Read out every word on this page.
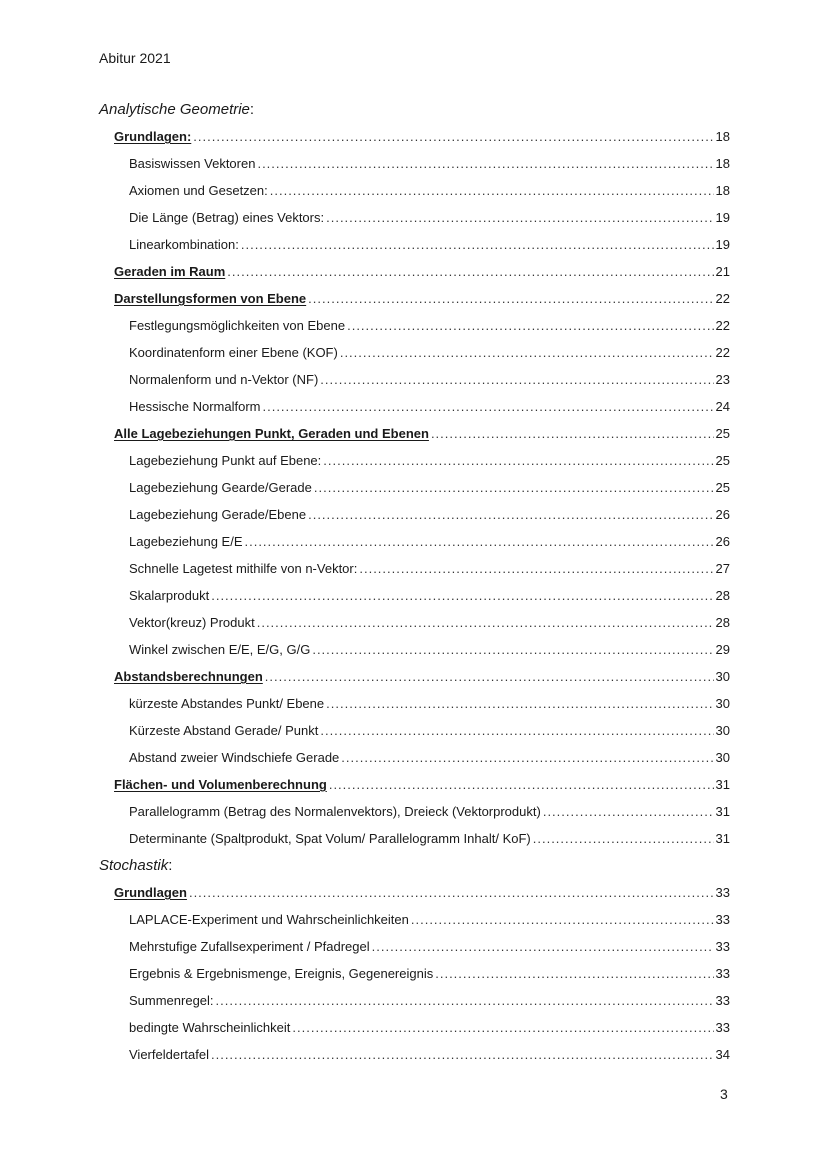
Abitur 2021
Analytische Geometrie:
Grundlagen: .....	18
Basiswissen Vektoren .....	18
Axiomen und Gesetzen: .....	18
Die Länge (Betrag) eines Vektors: .....	19
Linearkombination: .....	19
Geraden im Raum .....	21
Darstellungsformen von Ebene .....	22
Festlegungsmöglichkeiten von Ebene .....	22
Koordinatenform einer Ebene (KOF) .....	22
Normalenform und n-Vektor (NF) .....	23
Hessische Normalform .....	24
Alle Lagebeziehungen Punkt, Geraden und Ebenen .....	25
Lagebeziehung Punkt auf Ebene: .....	25
Lagebeziehung Gearde/Gerade .....	25
Lagebeziehung Gerade/Ebene .....	26
Lagebeziehung E/E .....	26
Schnelle Lagetest mithilfe von n-Vektor: .....	27
Skalarprodukt .....	28
Vektor(kreuz) Produkt .....	28
Winkel zwischen E/E, E/G, G/G .....	29
Abstandsberechnungen .....	30
kürzeste Abstandes Punkt/ Ebene .....	30
Kürzeste Abstand Gerade/ Punkt .....	30
Abstand zweier Windschiefe Gerade .....	30
Flächen- und Volumenberechnung .....	31
Parallelogramm (Betrag des Normalenvektors), Dreieck (Vektorprodukt) .....	31
Determinante (Spaltprodukt, Spat Volum/ Parallelogramm Inhalt/ KoF) .....	31
Stochastik:
Grundlagen .....	33
LAPLACE-Experiment und Wahrscheinlichkeiten .....	33
Mehrstufige Zufallsexperiment / Pfadregel .....	33
Ergebnis & Ergebnismenge, Ereignis, Gegenereignis .....	33
Summenregel: .....	33
bedingte Wahrscheinlichkeit .....	33
Vierfeldertafel .....	34
3
